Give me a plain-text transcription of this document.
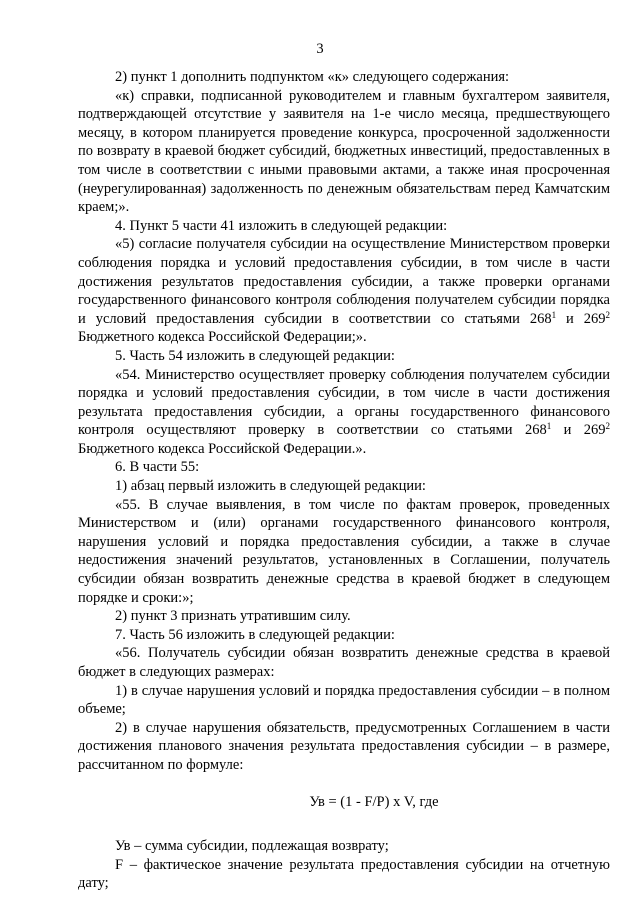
3

2) пункт 1 дополнить подпунктом «к» следующего содержания:

«к) справки, подписанной руководителем и главным бухгалтером заявителя, подтверждающей отсутствие у заявителя на 1-е число месяца, предшествующего месяцу, в котором планируется проведение конкурса, просроченной задолженности по возврату в краевой бюджет субсидий, бюджетных инвестиций, предоставленных в том числе в соответствии с иными правовыми актами, а также иная просроченная (неурегулированная) задолженность по денежным обязательствам перед Камчатским краем;».

4. Пункт 5 части 41 изложить в следующей редакции:

«5) согласие получателя субсидии на осуществление Министерством проверки соблюдения порядка и условий предоставления субсидии, в том числе в части достижения результатов предоставления субсидии, а также проверки органами государственного финансового контроля соблюдения получателем субсидии порядка и условий предоставления субсидии в соответствии со статьями $268^1$ и $269^2$ Бюджетного кодекса Российской Федерации;».

5. Часть 54 изложить в следующей редакции:

«54. Министерство осуществляет проверку соблюдения получателем субсидии порядка и условий предоставления субсидии, в том числе в части достижения результата предоставления субсидии, а органы государственного финансового контроля осуществляют проверку в соответствии со статьями $268^1$ и $269^2$ Бюджетного кодекса Российской Федерации.».

6. В части 55:

1) абзац первый изложить в следующей редакции:

«55. В случае выявления, в том числе по фактам проверок, проведенных Министерством и (или) органами государственного финансового контроля, нарушения условий и порядка предоставления субсидии, а также в случае недостижения значений результатов, установленных в Соглашении, получатель субсидии обязан возвратить денежные средства в краевой бюджет в следующем порядке и сроки:»;

2) пункт 3 признать утратившим силу.

7. Часть 56 изложить в следующей редакции:

«56. Получатель субсидии обязан возвратить денежные средства в краевой бюджет в следующих размерах:

1) в случае нарушения условий и порядка предоставления субсидии – в полном объеме;

2) в случае нарушения обязательств, предусмотренных Соглашением в части достижения планового значения результата предоставления субсидии – в размере, рассчитанном по формуле:

Ув = (1 - F/P) x V, где

Ув – сумма субсидии, подлежащая возврату;

F – фактическое значение результата предоставления субсидии на отчетную дату;
